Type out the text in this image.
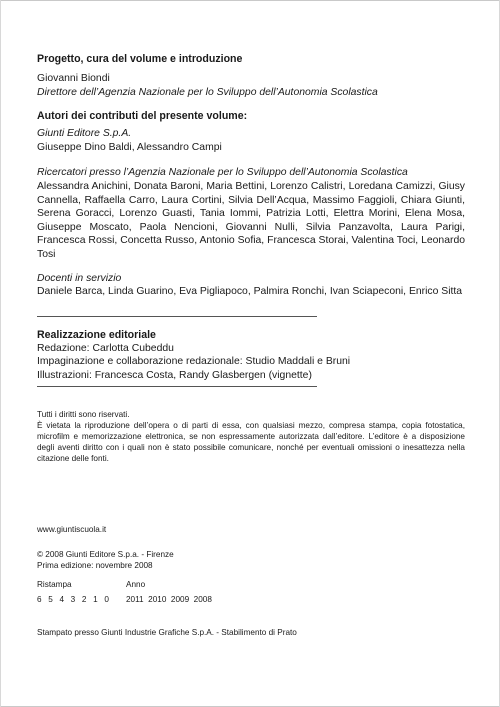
Progetto, cura del volume e introduzione

Giovanni Biondi

Direttore dell’Agenzia Nazionale per lo Sviluppo dell’Autonomia Scolastica

Autori dei contributi del presente volume:

Giunti Editore S.p.A.

Giuseppe Dino Baldi, Alessandro Campi

Ricercatori presso l’Agenzia Nazionale per lo Sviluppo dell’Autonomia Scolastica

Alessandra Anichini, Donata Baroni, Maria Bettini, Lorenzo Calistri, Loredana Camizzi, Giusy Cannella, Raffaella Carro, Laura Cortini, Silvia Dell’Acqua, Massimo Faggioli, Chiara Giunti, Serena Goracci, Lorenzo Guasti, Tania Iommi, Patrizia Lotti, Elettra Morini, Elena Mosa, Giuseppe Moscato, Paola Nencioni, Giovanni Nulli, Silvia Panzavolta, Laura Parigi, Francesca Rossi, Concetta Russo, Antonio Sofia, Francesca Storai, Valentina Toci, Leonardo Tosi

Docenti in servizio

Daniele Barca, Linda Guarino, Eva Pigliapoco, Palmira Ronchi, Ivan Sciapeconi, Enrico Sitta

Realizzazione editoriale

Redazione: Carlotta Cubeddu

Impaginazione e collaborazione redazionale: Studio Maddali e Bruni

Illustrazioni: Francesca Costa, Randy Glasbergen (vignette)

Tutti i diritti sono riservati.

È vietata la riproduzione dell’opera o di parti di essa, con qualsiasi mezzo, compresa stampa, copia fotostatica, microfilm e memorizzazione elettronica, se non espressamente autorizzata dall’editore. L’editore è a disposizione degli aventi diritto con i quali non è stato possibile comunicare, nonché per eventuali omissioni o inesattezza nella citazione delle fonti.

www.giuntiscuola.it

© 2008 Giunti Editore S.p.a. - Firenze

Prima edizione: novembre 2008

Ristampa	Anno
6 5 4 3 2 1 0	2011  2010  2009  2008

Stampato presso Giunti Industrie Grafiche S.p.A. - Stabilimento di Prato
